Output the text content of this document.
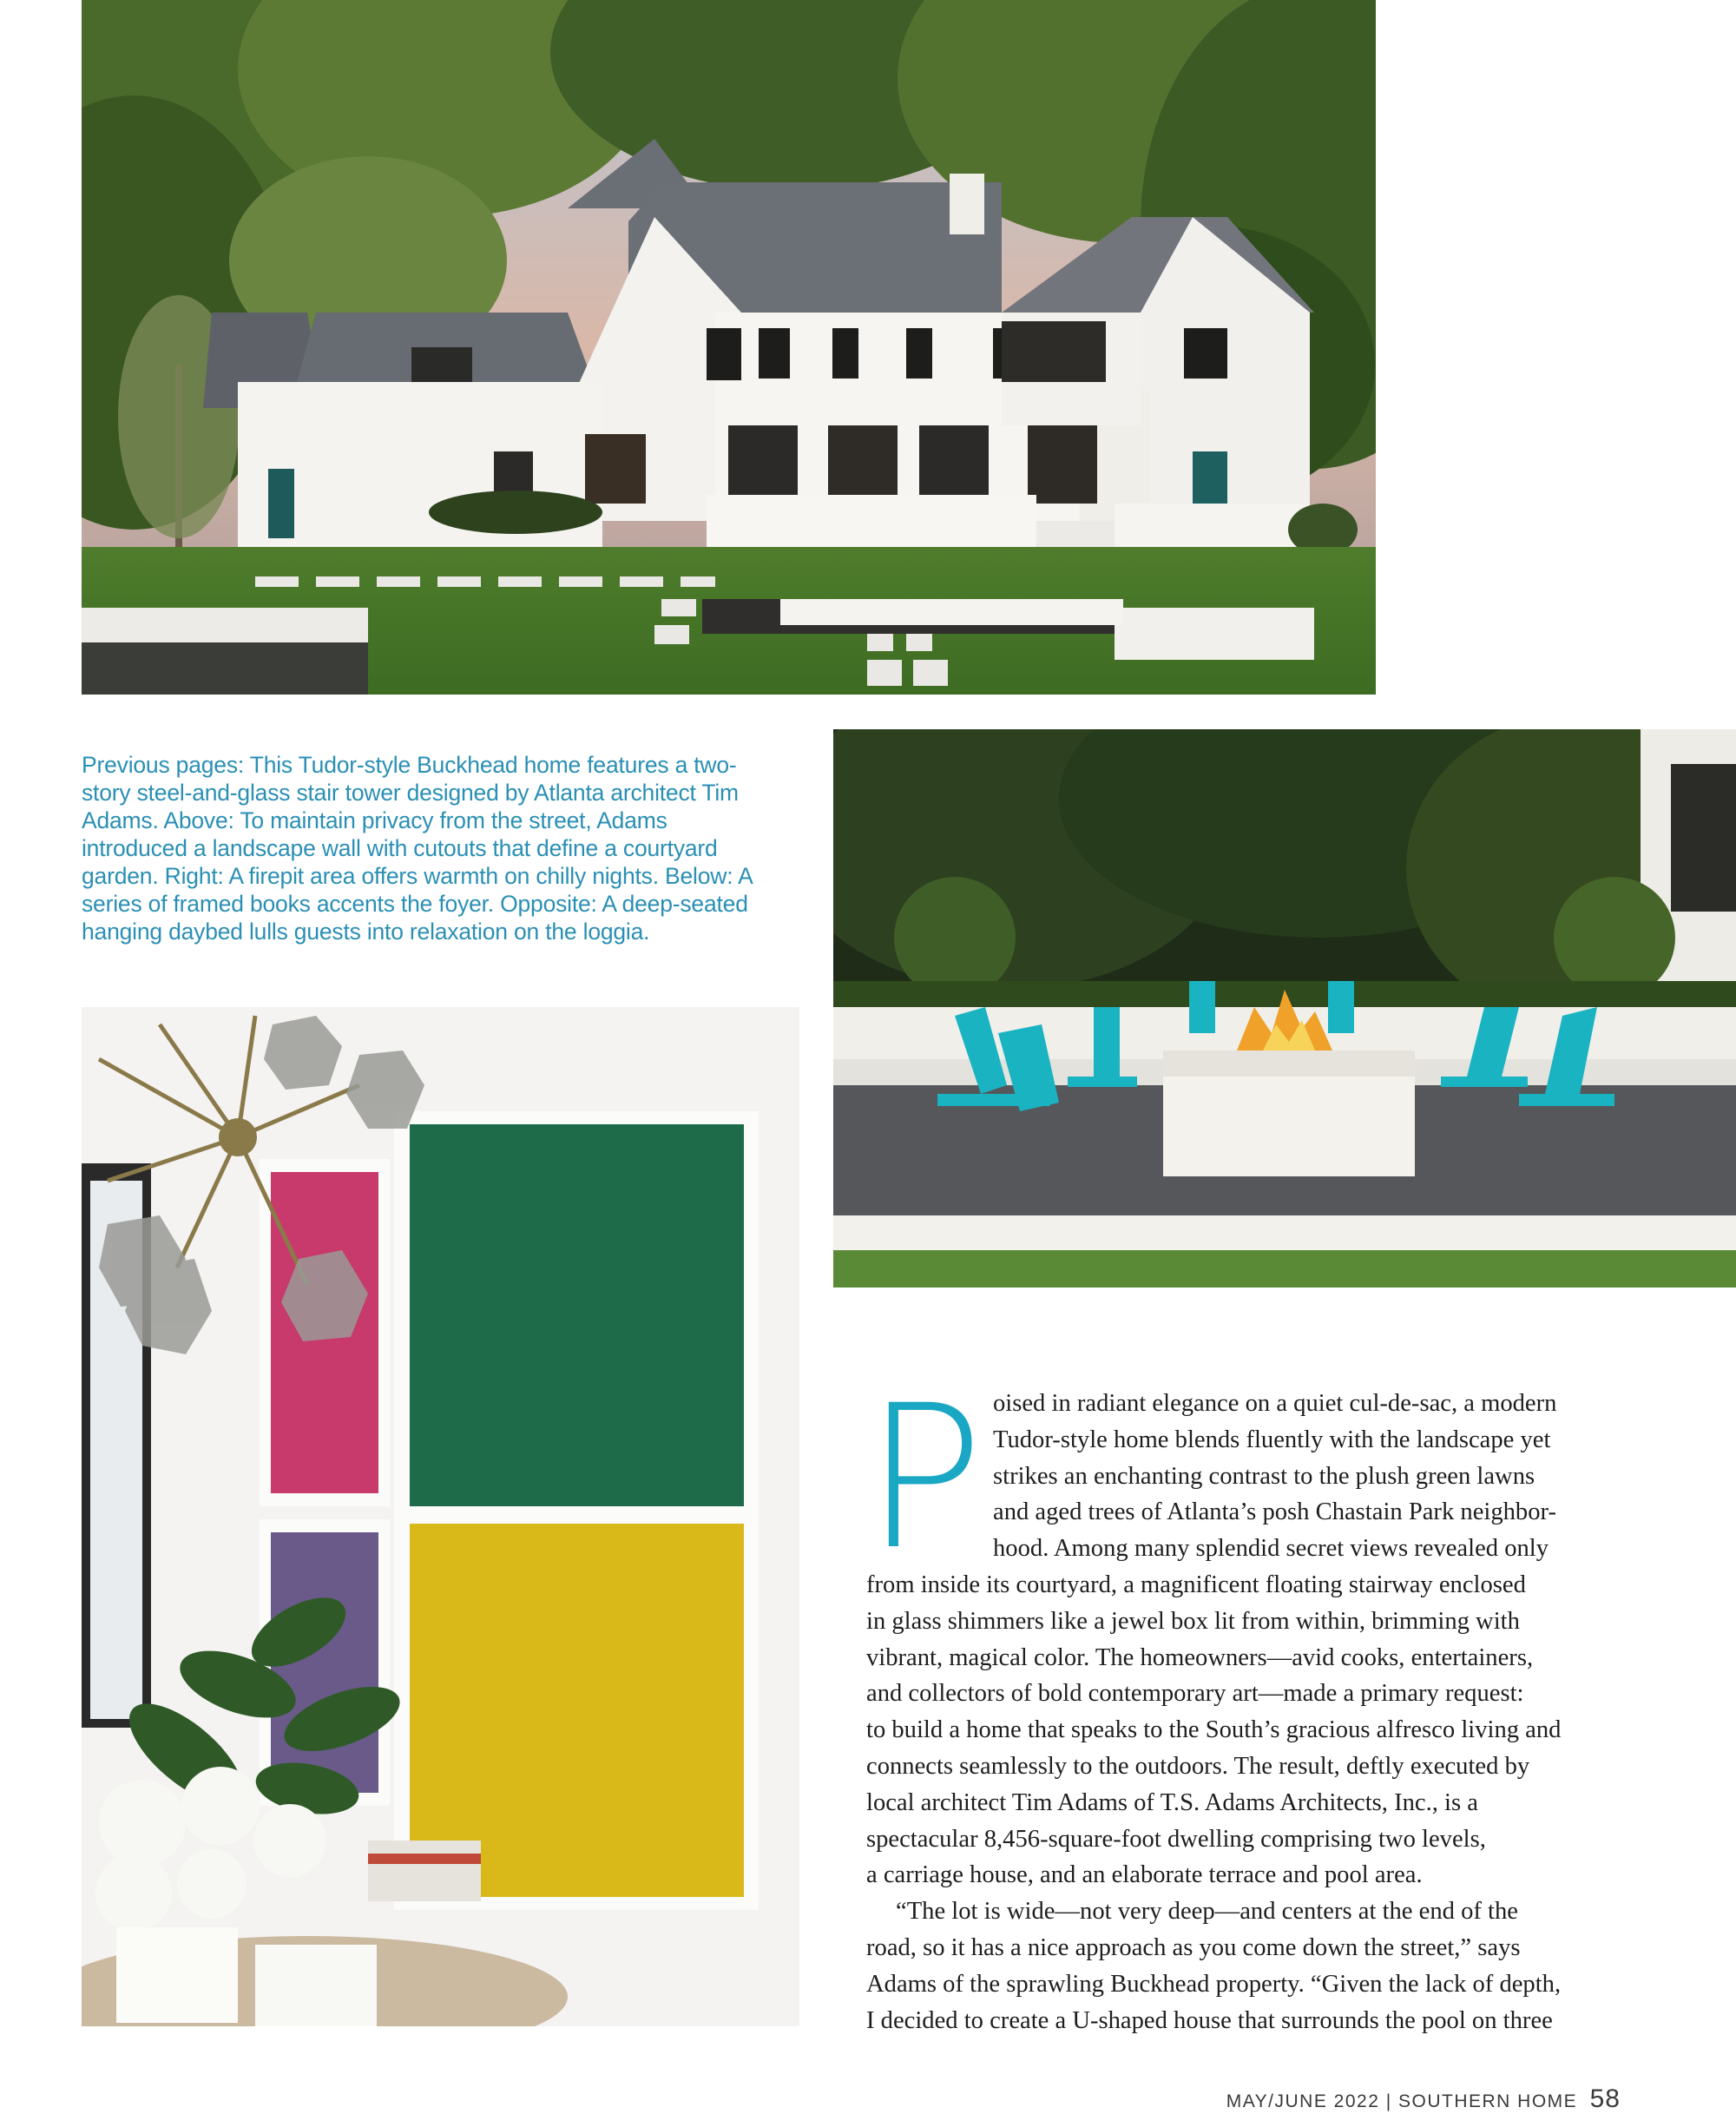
Previous pages: This Tudor-style Buckhead home features a two-story steel-and-glass stair tower designed by Atlanta architect Tim Adams. Above: To maintain privacy from the street, Adams introduced a landscape wall with cutouts that define a courtyard garden. Right: A firepit area offers warmth on chilly nights. Below: A series of framed books accents the foyer. Opposite: A deep-seated hanging daybed lulls guests into relaxation on the loggia.
P oised in radiant elegance on a quiet cul-de-sac, a modern
Tudor-style home blends fluently with the landscape yet
strikes an enchanting contrast to the plush green lawns
and aged trees of Atlanta’s posh Chastain Park neighbor-
hood. Among many splendid secret views revealed only
from inside its courtyard, a magnificent floating stairway enclosed
in glass shimmers like a jewel box lit from within, brimming with
vibrant, magical color. The homeowners—avid cooks, entertainers,
and collectors of bold contemporary art—made a primary request:
to build a home that speaks to the South’s gracious alfresco living and
connects seamlessly to the outdoors. The result, deftly executed by
local architect Tim Adams of T.S. Adams Architects, Inc., is a
spectacular 8,456-square-foot dwelling comprising two levels,
a carriage house, and an elaborate terrace and pool area.

“The lot is wide—not very deep—and centers at the end of the
road, so it has a nice approach as you come down the street,” says
Adams of the sprawling Buckhead property. “Given the lack of depth,
I decided to create a U-shaped house that surrounds the pool on three

MAY/JUNE 2022 | SOUTHERN HOME 58
